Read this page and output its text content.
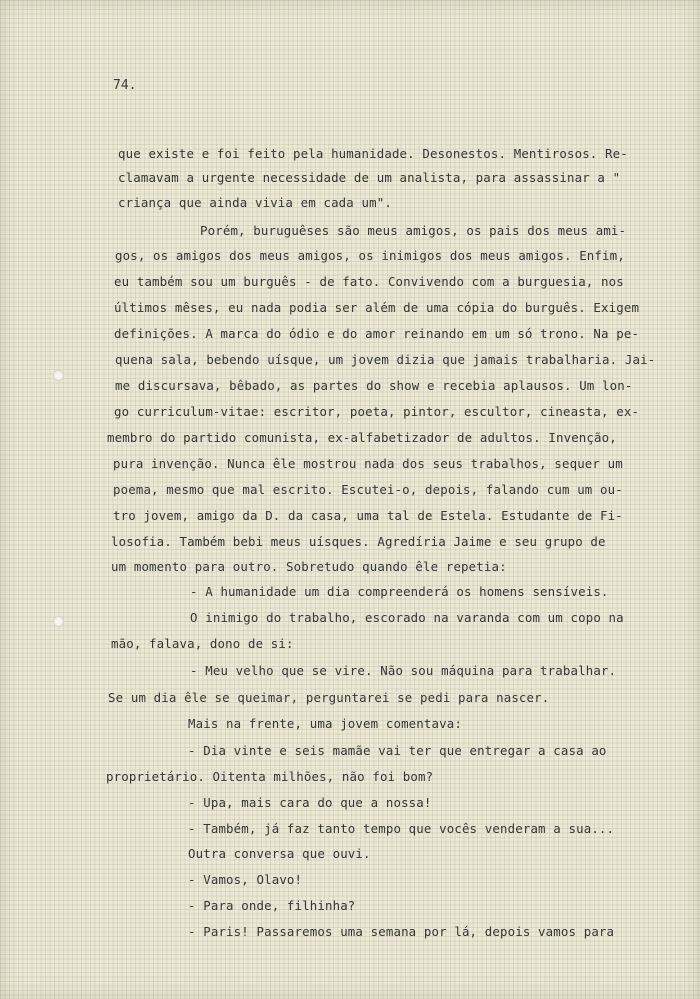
74.
que existe e foi feito pela humanidade. Desonestos. Mentirosos. Re-
clamavam a urgente necessidade de um analista, para assassinar a "
criança que ainda vivia em cada um".
Porém, buruguêses são meus amigos, os pais dos meus ami-
gos, os amigos dos meus amigos, os inimigos dos meus amigos. Enfim,
eu também sou um burguês - de fato. Convivendo com a burguesia, nos
últimos mêses, eu nada podia ser além de uma cópia do burguês. Exigem
definições. A marca do ódio e do amor reinando em um só trono. Na pe-
quena sala, bebendo uísque, um jovem dizia que jamais trabalharia. Jai-
me discursava, bêbado, as partes do show e recebia aplausos. Um lon-
go curriculum-vitae: escritor, poeta, pintor, escultor, cineasta, ex-
membro do partido comunista, ex-alfabetizador de adultos. Invenção,
pura invenção. Nunca êle mostrou nada dos seus trabalhos, sequer um
poema, mesmo que mal escrito. Escutei-o, depois, falando cum um ou-
tro jovem, amigo da D. da casa, uma tal de Estela. Estudante de Fi-
losofia. Também bebi meus uísques. Agredíria Jaime e seu grupo de
um momento para outro. Sobretudo quando êle repetia:
- A humanidade um dia compreenderá os homens sensíveis.
O inimigo do trabalho, escorado na varanda com um copo na
mão, falava, dono de si:
- Meu velho que se vire. Não sou máquina para trabalhar.
Se um dia êle se queimar, perguntarei se pedi para nascer.
Mais na frente, uma jovem comentava:
- Dia vinte e seis mamãe vai ter que entregar a casa ao
proprietário. Oitenta milhões, não foi bom?
- Upa, mais cara do que a nossa!
- Também, já faz tanto tempo que vocês venderam a sua...
Outra conversa que ouvi.
- Vamos, Olavo!
- Para onde, filhinha?
- Paris! Passaremos uma semana por lá, depois vamos para
